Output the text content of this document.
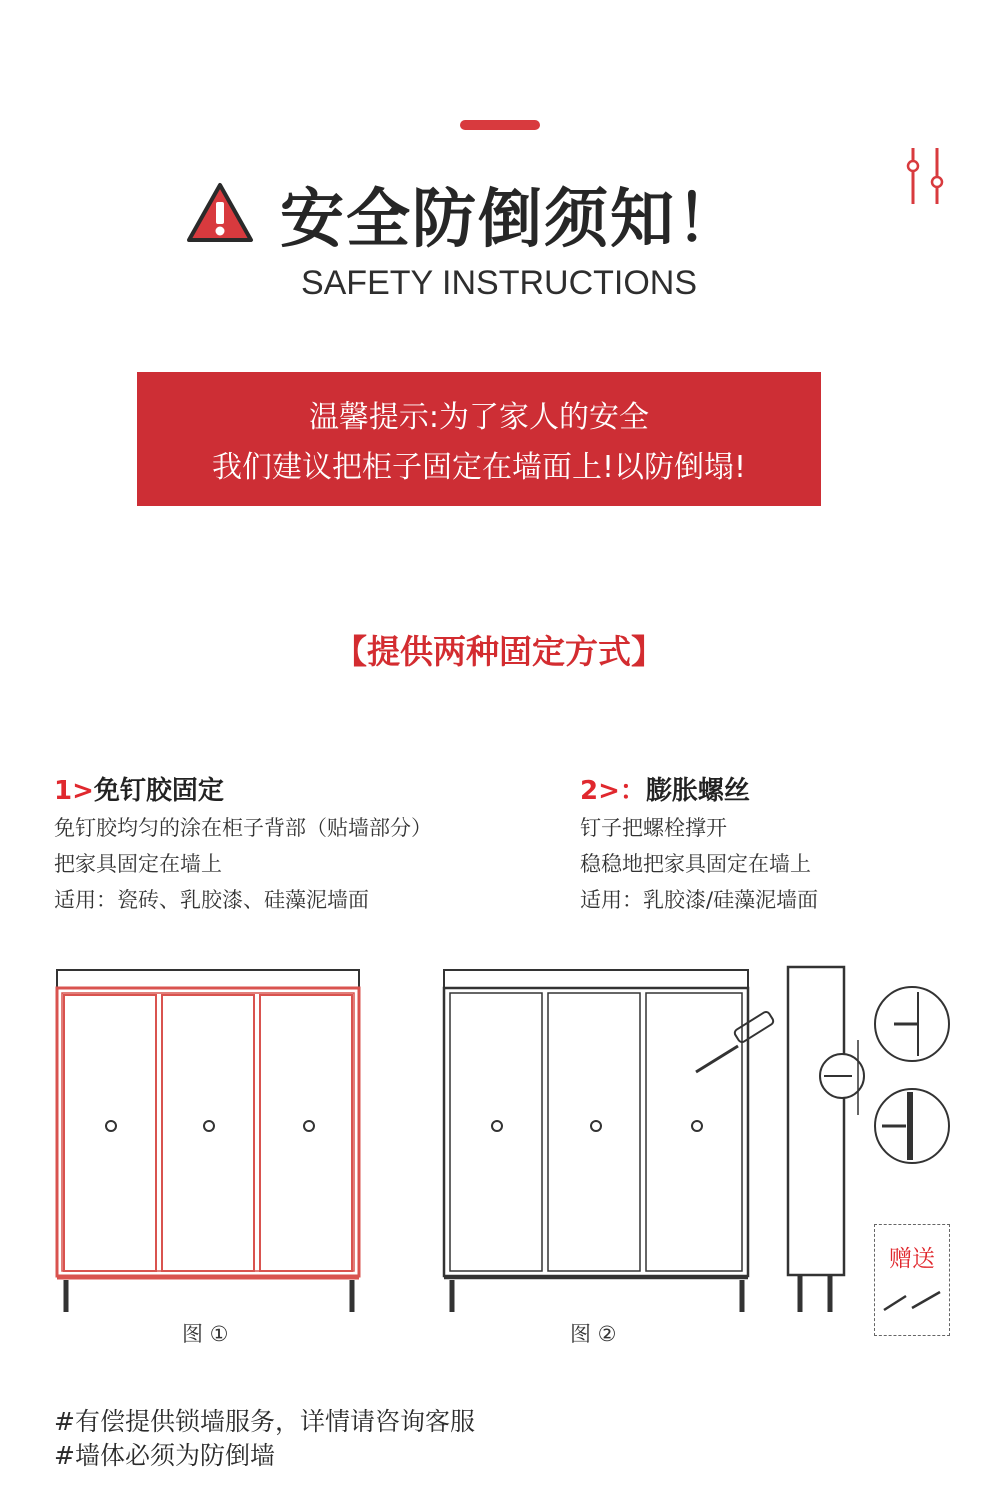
安全防倒须知！
SAFETY INSTRUCTIONS
温馨提示:为了家人的安全
我们建议把柜子固定在墙面上!以防倒塌!
【提供两种固定方式】
1>免钉胶固定
免钉胶均匀的涂在柜子背部（贴墙部分）
把家具固定在墙上
适用：瓷砖、乳胶漆、硅藻泥墙面
2>：膨胀螺丝
钉子把螺栓撑开
稳稳地把家具固定在墙上
适用：乳胶漆/硅藻泥墙面
图 ①	图 ②
赠送
#有偿提供锁墙服务，详情请咨询客服
#墙体必须为防倒墙
